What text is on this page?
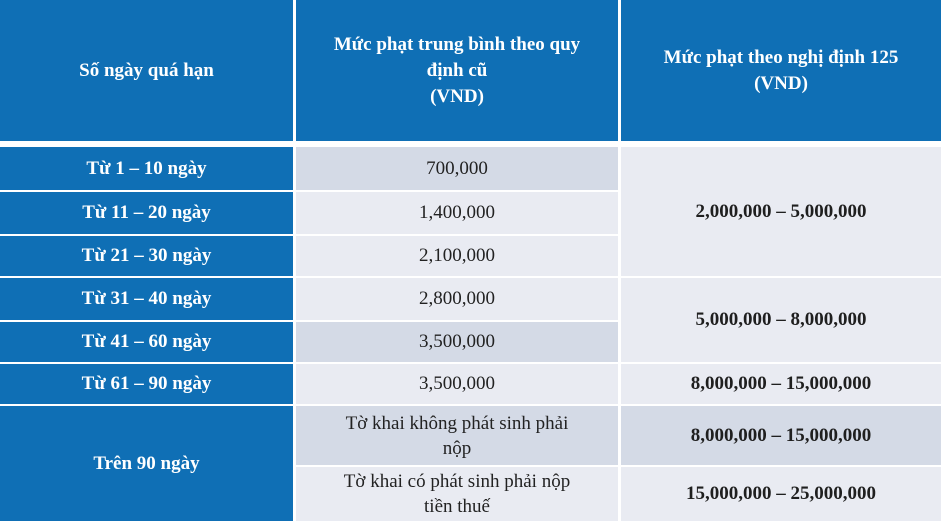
Số ngày quá hạn
Mức phạt trung bình theo quy
định cũ
(VND)
Mức phạt theo nghị định 125
(VND)
Từ 1 – 10 ngày
Từ 11 – 20 ngày
Từ 21 – 30 ngày
Từ 31 – 40 ngày
Từ 41 – 60 ngày
Từ 61 – 90 ngày
Trên 90 ngày
700,000
1,400,000
2,100,000
2,800,000
3,500,000
3,500,000
Tờ khai không phát sinh phải
nộp
Tờ khai có phát sinh phải nộp
tiền thuế
2,000,000 – 5,000,000
5,000,000 – 8,000,000
8,000,000 – 15,000,000
8,000,000 – 15,000,000
15,000,000 – 25,000,000
